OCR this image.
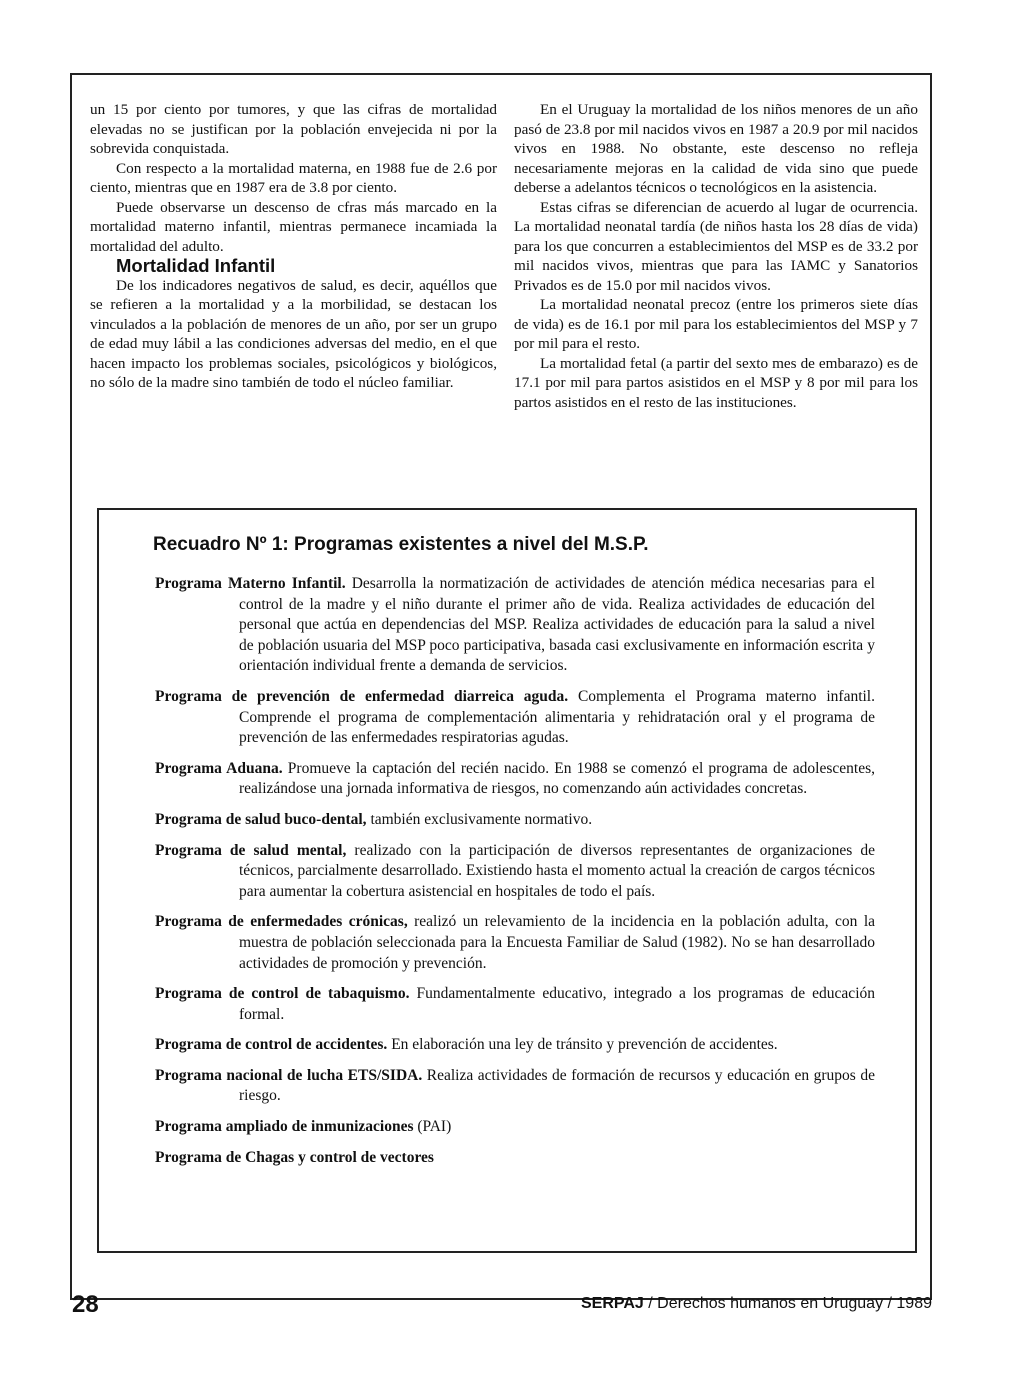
un 15 por ciento por tumores, y que las cifras de mortalidad elevadas no se justifican por la población envejecida ni por la sobrevida conquistada.

Con respecto a la mortalidad materna, en 1988 fue de 2.6 por ciento, mientras que en 1987 era de 3.8 por ciento.

Puede observarse un descenso de cfras más marcado en la mortalidad materno infantil, mientras permanece incamiada la mortalidad del adulto.

Mortalidad Infantil

De los indicadores negativos de salud, es decir, aquéllos que se refieren a la mortalidad y a la morbilidad, se destacan los vinculados a la población de menores de un año, por ser un grupo de edad muy lábil a las condiciones adversas del medio, en el que hacen impacto los problemas sociales, psicológicos y biológicos, no sólo de la madre sino también de todo el núcleo familiar.

En el Uruguay la mortalidad de los niños menores de un año pasó de 23.8 por mil nacidos vivos en 1987 a 20.9 por mil nacidos vivos en 1988. No obstante, este descenso no refleja necesariamente mejoras en la calidad de vida sino que puede deberse a adelantos técnicos o tecnológicos en la asistencia.

Estas cifras se diferencian de acuerdo al lugar de ocurrencia. La mortalidad neonatal tardía (de niños hasta los 28 días de vida) para los que concurren a establecimientos del MSP es de 33.2 por mil nacidos vivos, mientras que para las IAMC y Sanatorios Privados es de 15.0 por mil nacidos vivos.

La mortalidad neonatal precoz (entre los primeros siete días de vida) es de 16.1 por mil para los establecimientos del MSP y 7 por mil para el resto.

La mortalidad fetal (a partir del sexto mes de embarazo) es de 17.1 por mil para partos asistidos en el MSP y 8 por mil para los partos asistidos en el resto de las instituciones.

Recuadro Nº 1: Programas existentes a nivel del M.S.P.
Programa Materno Infantil. Desarrolla la normatización de actividades de atención médica necesarias para el control de la madre y el niño durante el primer año de vida. Realiza actividades de educación del personal que actúa en dependencias del MSP. Realiza actividades de educación para la salud a nivel de población usuaria del MSP poco participativa, basada casi exclusivamente en información escrita y orientación individual frente a demanda de servicios.
Programa de prevención de enfermedad diarreica aguda. Complementa el Programa materno infantil. Comprende el programa de complementación alimentaria y rehidratación oral y el programa de prevención de las enfermedades respiratorias agudas.
Programa Aduana. Promueve la captación del recién nacido. En 1988 se comenzó el programa de adolescentes, realizándose una jornada informativa de riesgos, no comenzando aún actividades concretas.
Programa de salud buco-dental, también exclusivamente normativo.
Programa de salud mental, realizado con la participación de diversos representantes de organizaciones de técnicos, parcialmente desarrollado. Existiendo hasta el momento actual la creación de cargos técnicos para aumentar la cobertura asistencial en hospitales de todo el país.
Programa de enfermedades crónicas, realizó un relevamiento de la incidencia en la población adulta, con la muestra de población seleccionada para la Encuesta Familiar de Salud (1982). No se han desarrollado actividades de promoción y prevención.
Programa de control de tabaquismo. Fundamentalmente educativo, integrado a los programas de educación formal.
Programa de control de accidentes. En elaboración una ley de tránsito y prevención de accidentes.
Programa nacional de lucha ETS/SIDA. Realiza actividades de formación de recursos y educación en grupos de riesgo.
Programa ampliado de inmunizaciones (PAI)
Programa de Chagas y control de vectores
28	SERPAJ / Derechos humanos en Uruguay / 1989
